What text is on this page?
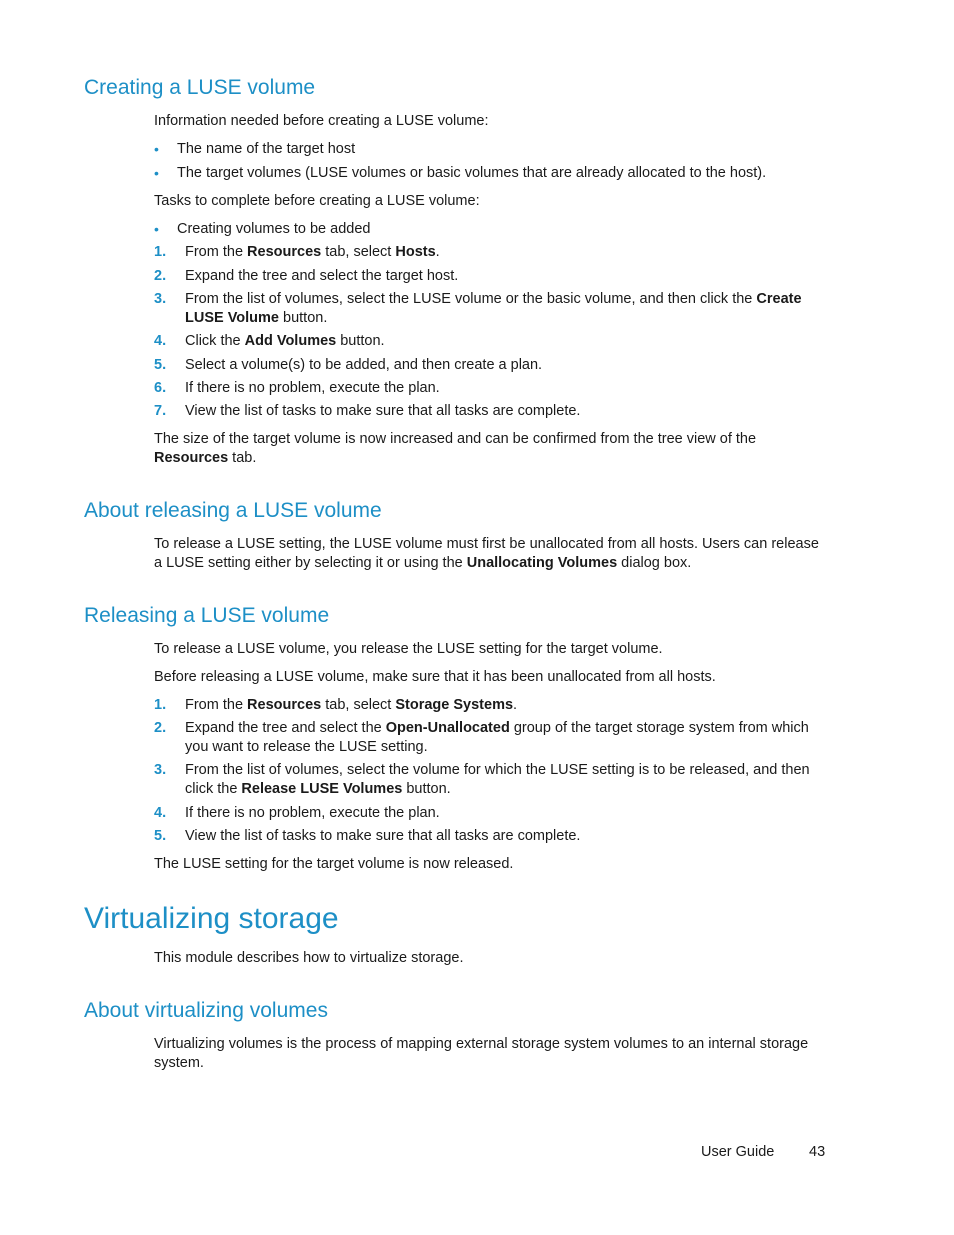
Creating a LUSE volume

Information needed before creating a LUSE volume:

• The name of the target host
• The target volumes (LUSE volumes or basic volumes that are already allocated to the host).

Tasks to complete before creating a LUSE volume:

• Creating volumes to be added
1. From the Resources tab, select Hosts.
2. Expand the tree and select the target host.
3. From the list of volumes, select the LUSE volume or the basic volume, and then click the Create LUSE Volume button.
4. Click the Add Volumes button.
5. Select a volume(s) to be added, and then create a plan.
6. If there is no problem, execute the plan.
7. View the list of tasks to make sure that all tasks are complete.

The size of the target volume is now increased and can be confirmed from the tree view of the Resources tab.

About releasing a LUSE volume

To release a LUSE setting, the LUSE volume must first be unallocated from all hosts. Users can release a LUSE setting either by selecting it or using the Unallocating Volumes dialog box.

Releasing a LUSE volume

To release a LUSE volume, you release the LUSE setting for the target volume.

Before releasing a LUSE volume, make sure that it has been unallocated from all hosts.

1. From the Resources tab, select Storage Systems.
2. Expand the tree and select the Open-Unallocated group of the target storage system from which you want to release the LUSE setting.
3. From the list of volumes, select the volume for which the LUSE setting is to be released, and then click the Release LUSE Volumes button.
4. If there is no problem, execute the plan.
5. View the list of tasks to make sure that all tasks are complete.

The LUSE setting for the target volume is now released.

Virtualizing storage

This module describes how to virtualize storage.

About virtualizing volumes

Virtualizing volumes is the process of mapping external storage system volumes to an internal storage system.

User Guide 43
